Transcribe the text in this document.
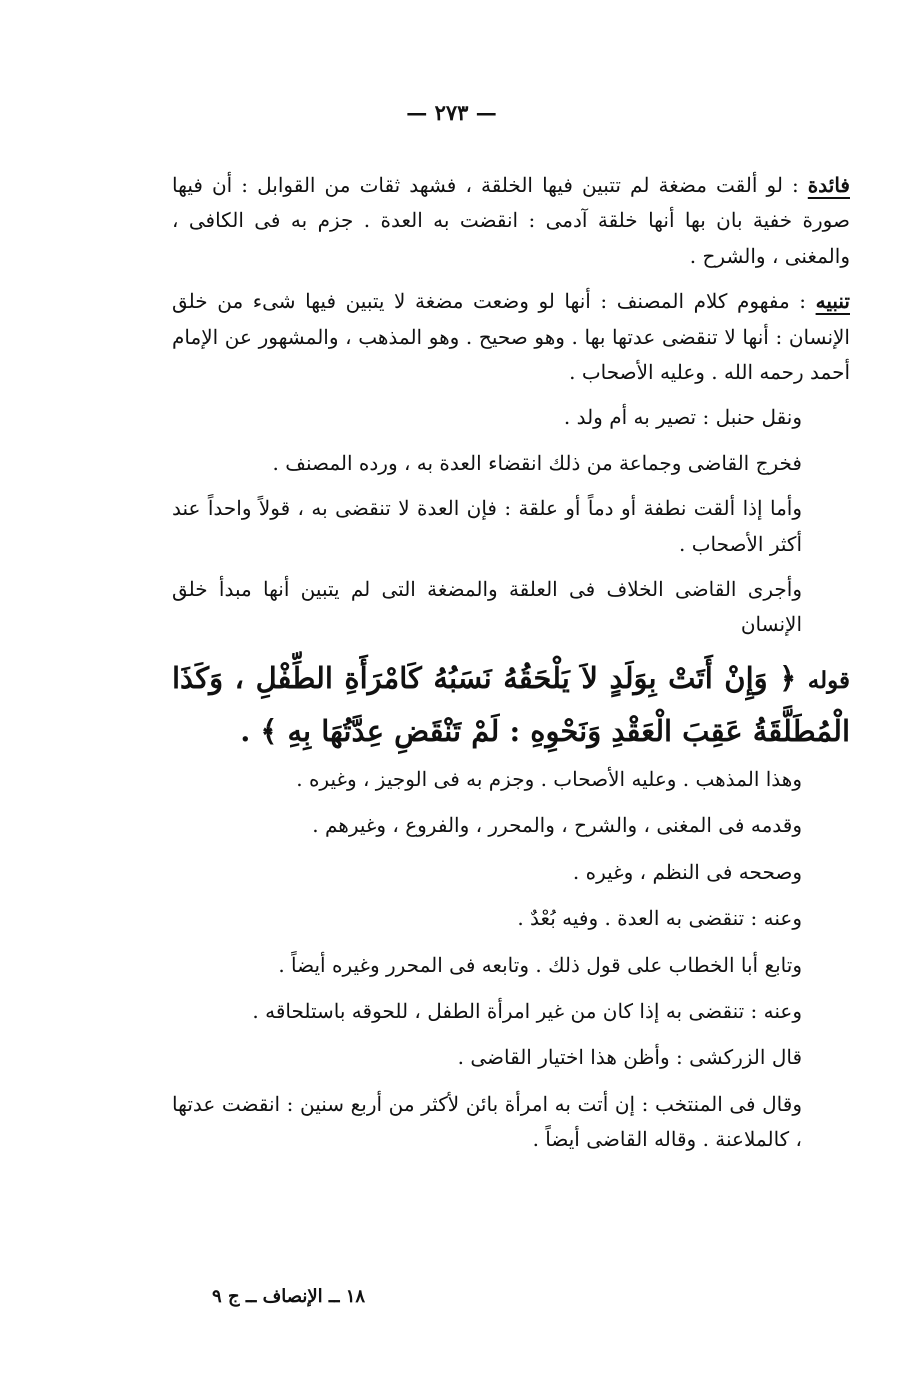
— ٢٧٣ —

فائدة : لو ألقت مضغة لم تتبين فيها الخلقة ، فشهد ثقات من القوابل : أن فيها صورة خفية بان بها أنها خلقة آدمى : انقضت به العدة . جزم به فى الكافى ، والمغنى ، والشرح .

تنبيه : مفهوم كلام المصنف : أنها لو وضعت مضغة لا يتبين فيها شىء من خلق الإنسان : أنها لا تنقضى عدتها بها . وهو صحيح . وهو المذهب ، والمشهور عن الإمام أحمد رحمه الله . وعليه الأصحاب .

ونقل حنبل : تصير به أم ولد .

فخرج القاضى وجماعة من ذلك انقضاء العدة به ، ورده المصنف .

وأما إذا ألقت نطفة أو دماً أو علقة : فإن العدة لا تنقضى به ، قولاً واحداً عند أكثر الأصحاب .

وأجرى القاضى الخلاف فى العلقة والمضغة التى لم يتبين أنها مبدأ خلق الإنسان

قوله ﴿ وَإِنْ أَتَتْ بِوَلَدٍ لاَ يَلْحَقُهُ نَسَبُهُ كَامْرَأَةِ الطِّفْلِ ، وَكَذَا الْمُطَلَّقَةُ عَقِبَ الْعَقْدِ وَنَحْوِهِ : لَمْ تَنْقَضِ عِدَّتُهَا بِهِ ﴾ .

وهذا المذهب . وعليه الأصحاب . وجزم به فى الوجيز ، وغيره .

وقدمه فى المغنى ، والشرح ، والمحرر ، والفروع ، وغيرهم .

وصححه فى النظم ، وغيره .

وعنه : تنقضى به العدة . وفيه بُعْدٌ .

وتابع أبا الخطاب على قول ذلك . وتابعه فى المحرر وغيره أيضاً .

وعنه : تنقضى به إذا كان من غير امرأة الطفل ، للحوقه باستلحاقه .

قال الزركشى : وأظن هذا اختيار القاضى .

وقال فى المنتخب : إن أتت به امرأة بائن لأكثر من أربع سنين : انقضت عدتها ، كالملاعنة . وقاله القاضى أيضاً .

١٨ ــ الإنصاف ــ ج ٩
